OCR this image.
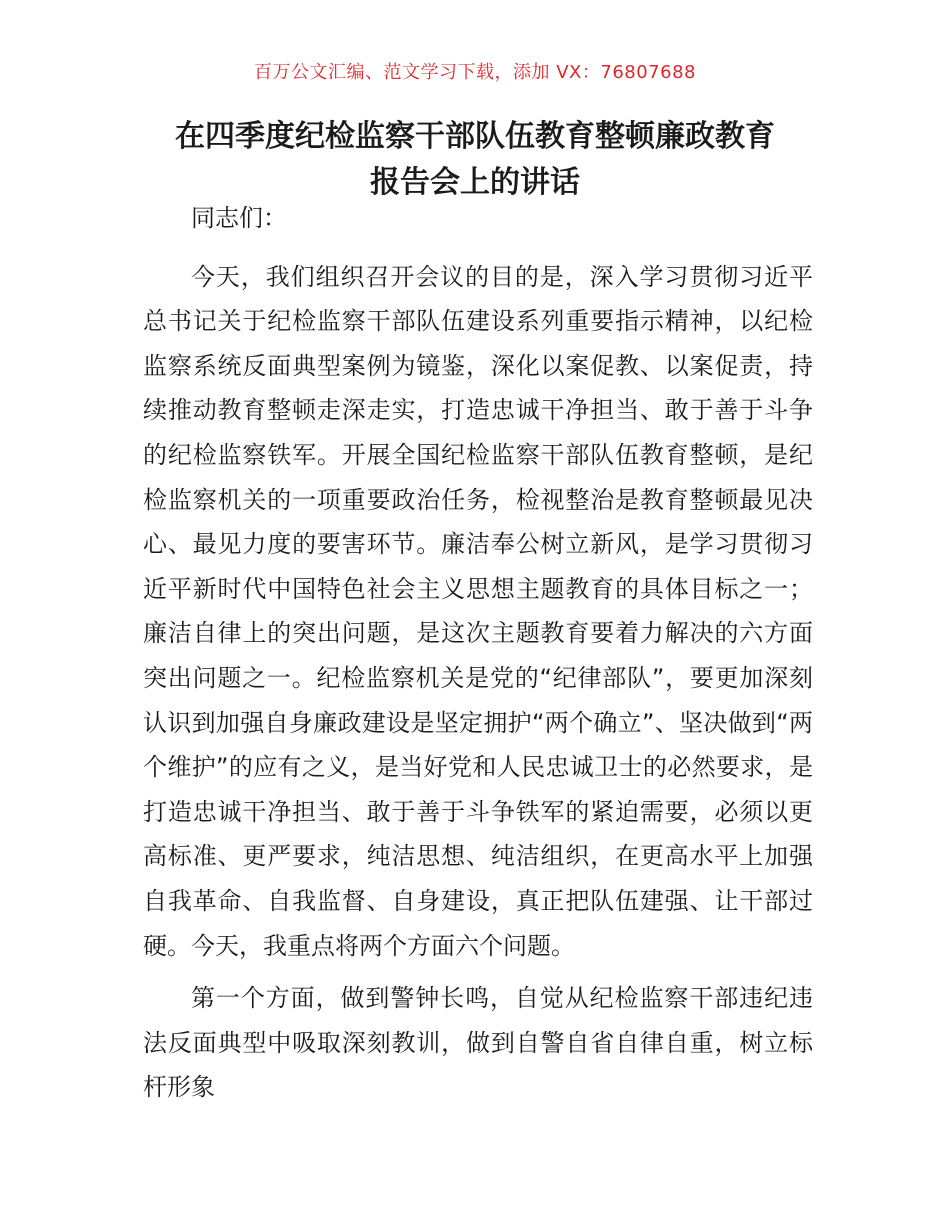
百万公文汇编、范文学习下载，添加 VX：76807688

在四季度纪检监察干部队伍教育整顿廉政教育
报告会上的讲话

同志们：

今天，我们组织召开会议的目的是，深入学习贯彻习近平总书记关于纪检监察干部队伍建设系列重要指示精神，以纪检监察系统反面典型案例为镜鉴，深化以案促教、以案促责，持续推动教育整顿走深走实，打造忠诚干净担当、敢于善于斗争的纪检监察铁军。开展全国纪检监察干部队伍教育整顿，是纪检监察机关的一项重要政治任务，检视整治是教育整顿最见决心、最见力度的要害环节。廉洁奉公树立新风，是学习贯彻习近平新时代中国特色社会主义思想主题教育的具体目标之一；廉洁自律上的突出问题，是这次主题教育要着力解决的六方面突出问题之一。纪检监察机关是党的“纪律部队”，要更加深刻认识到加强自身廉政建设是坚定拥护“两个确立”、坚决做到“两个维护”的应有之义，是当好党和人民忠诚卫士的必然要求，是打造忠诚干净担当、敢于善于斗争铁军的紧迫需要，必须以更高标准、更严要求，纯洁思想、纯洁组织，在更高水平上加强自我革命、自我监督、自身建设，真正把队伍建强、让干部过硬。今天，我重点将两个方面六个问题。

第一个方面，做到警钟长鸣，自觉从纪检监察干部违纪违法反面典型中吸取深刻教训，做到自警自省自律自重，树立标杆形象
